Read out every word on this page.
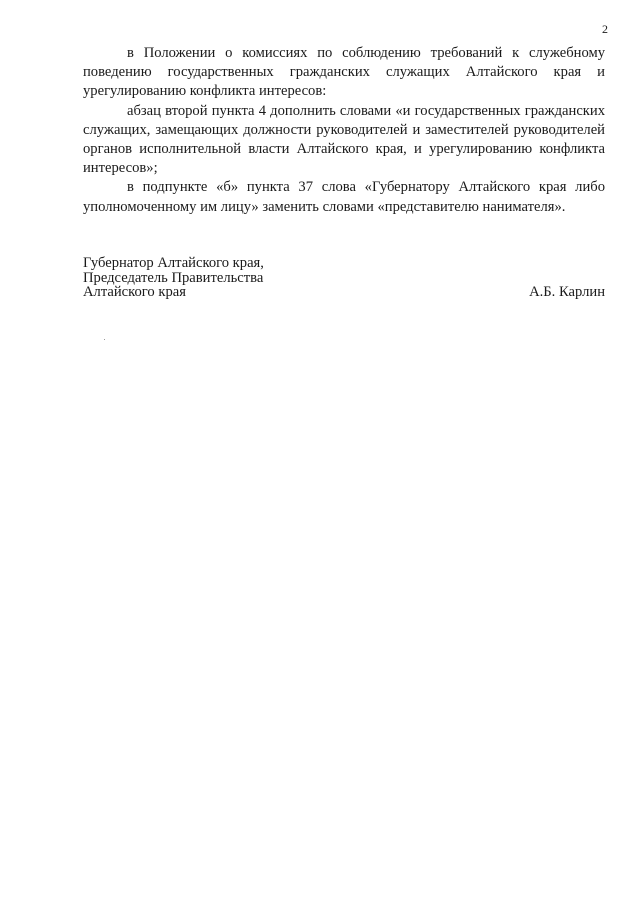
2

в Положении о комиссиях по соблюдению требований к служебному поведению государственных гражданских служащих Алтайского края и урегулированию конфликта интересов:

абзац второй пункта 4 дополнить словами «и государственных гражданских служащих, замещающих должности руководителей и заместителей руководителей органов исполнительной власти Алтайского края, и урегулированию конфликта интересов»;

в подпункте «б» пункта 37 слова «Губернатору Алтайского края либо уполномоченному им лицу» заменить словами «представителю нанимателя».

Губернатор Алтайского края,

Председатель Правительства

Алтайского края	А.Б. Карлин
